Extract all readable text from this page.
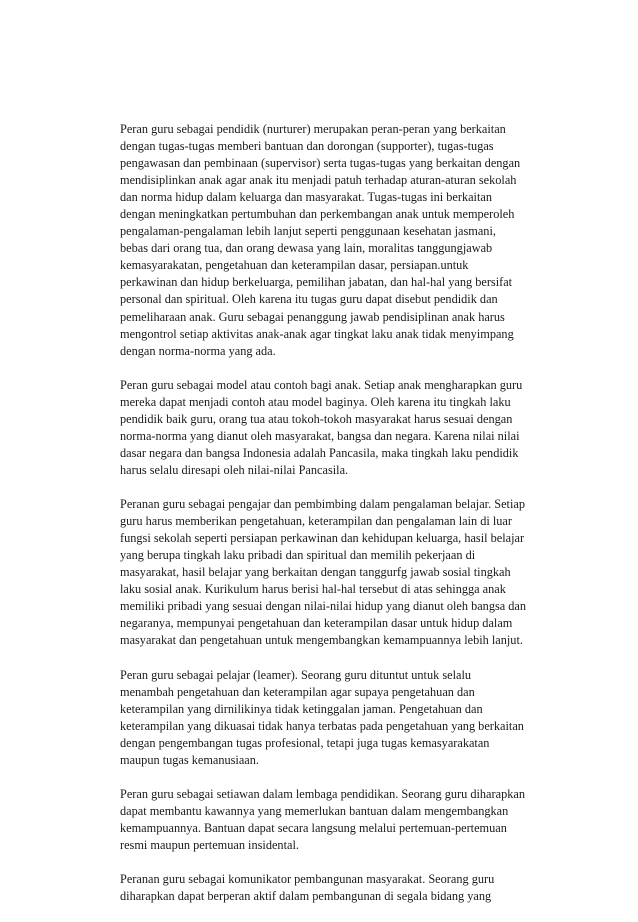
Peran guru sebagai pendidik (nurturer) merupakan peran-peran yang berkaitan
dengan tugas-tugas memberi bantuan dan dorongan (supporter), tugas-tugas
pengawasan dan pembinaan (supervisor) serta tugas-tugas yang berkaitan dengan
mendisiplinkan anak agar anak itu menjadi patuh terhadap aturan-aturan sekolah
dan norma hidup dalam keluarga dan masyarakat. Tugas-tugas ini berkaitan
dengan meningkatkan pertumbuhan dan perkembangan anak untuk memperoleh
pengalaman-pengalaman lebih lanjut seperti penggunaan kesehatan jasmani,
bebas dari orang tua, dan orang dewasa yang lain, moralitas tanggungjawab
kemasyarakatan, pengetahuan dan keterampilan dasar, persiapan.untuk
perkawinan dan hidup berkeluarga, pemilihan jabatan, dan hal-hal yang bersifat
personal dan spiritual. Oleh karena itu tugas guru dapat disebut pendidik dan
pemeliharaan anak. Guru sebagai penanggung jawab pendisiplinan anak harus
mengontrol setiap aktivitas anak-anak agar tingkat laku anak tidak menyimpang
dengan norma-norma yang ada.

Peran guru sebagai model atau contoh bagi anak. Setiap anak mengharapkan guru
mereka dapat menjadi contoh atau model baginya. Oleh karena itu tingkah laku
pendidik baik guru, orang tua atau tokoh-tokoh masyarakat harus sesuai dengan
norma-norma yang dianut oleh masyarakat, bangsa dan negara. Karena nilai nilai
dasar negara dan bangsa Indonesia adalah Pancasila, maka tingkah laku pendidik
harus selalu diresapi oleh nilai-nilai Pancasila.

Peranan guru sebagai pengajar dan pembimbing dalam pengalaman belajar. Setiap
guru harus memberikan pengetahuan, keterampilan dan pengalaman lain di luar
fungsi sekolah seperti persiapan perkawinan dan kehidupan keluarga, hasil belajar
yang berupa tingkah laku pribadi dan spiritual dan memilih pekerjaan di
masyarakat, hasil belajar yang berkaitan dengan tanggurfg jawab sosial tingkah
laku sosial anak. Kurikulum harus berisi hal-hal tersebut di atas sehingga anak
memiliki pribadi yang sesuai dengan nilai-nilai hidup yang dianut oleh bangsa dan
negaranya, mempunyai pengetahuan dan keterampilan dasar untuk hidup dalam
masyarakat dan pengetahuan untuk mengembangkan kemampuannya lebih lanjut.

Peran guru sebagai pelajar (leamer). Seorang guru dituntut untuk selalu
menambah pengetahuan dan keterampilan agar supaya pengetahuan dan
keterampilan yang dirnilikinya tidak ketinggalan jaman. Pengetahuan dan
keterampilan yang dikuasai tidak hanya terbatas pada pengetahuan yang berkaitan
dengan pengembangan tugas profesional, tetapi juga tugas kemasyarakatan
maupun tugas kemanusiaan.

Peran guru sebagai setiawan dalam lembaga pendidikan. Seorang guru diharapkan
dapat membantu kawannya yang memerlukan bantuan dalam mengembangkan
kemampuannya. Bantuan dapat secara langsung melalui pertemuan-pertemuan
resmi maupun pertemuan insidental.

Peranan guru sebagai komunikator pembangunan masyarakat. Seorang guru
diharapkan dapat berperan aktif dalam pembangunan di segala bidang yang
